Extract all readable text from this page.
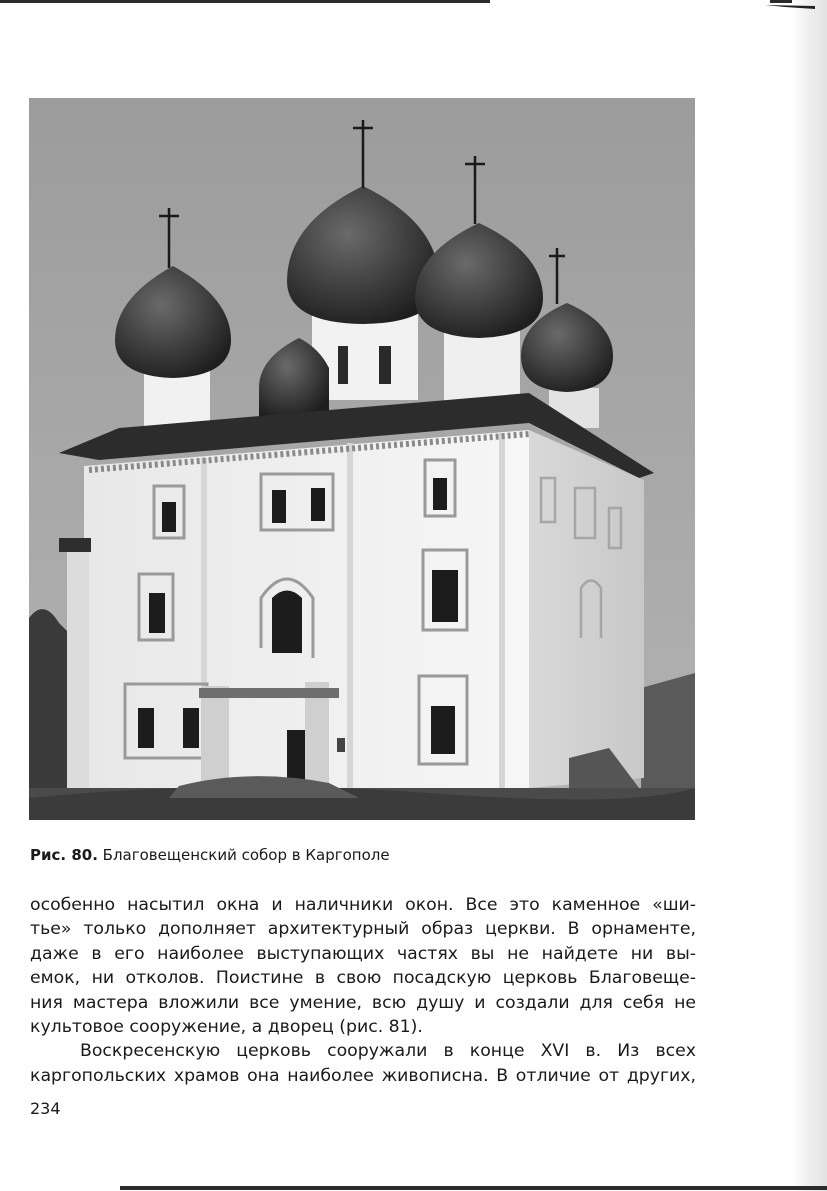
Рис. 80. Благовещенский собор в Каргополе
особенно насытил окна и наличники окон. Все это каменное «ши-
тье» только дополняет архитектурный образ церкви. В орнаменте,
даже в его наиболее выступающих частях вы не найдете ни вы-
емок, ни отколов. Поистине в свою посадскую церковь Благовеще-
ния мастера вложили все умение, всю душу и создали для себя не
культовое сооружение, а дворец (рис. 81).
Воскресенскую церковь сооружали в конце XVI в. Из всех
каргопольских храмов она наиболее живописна. В отличие от других,
234
